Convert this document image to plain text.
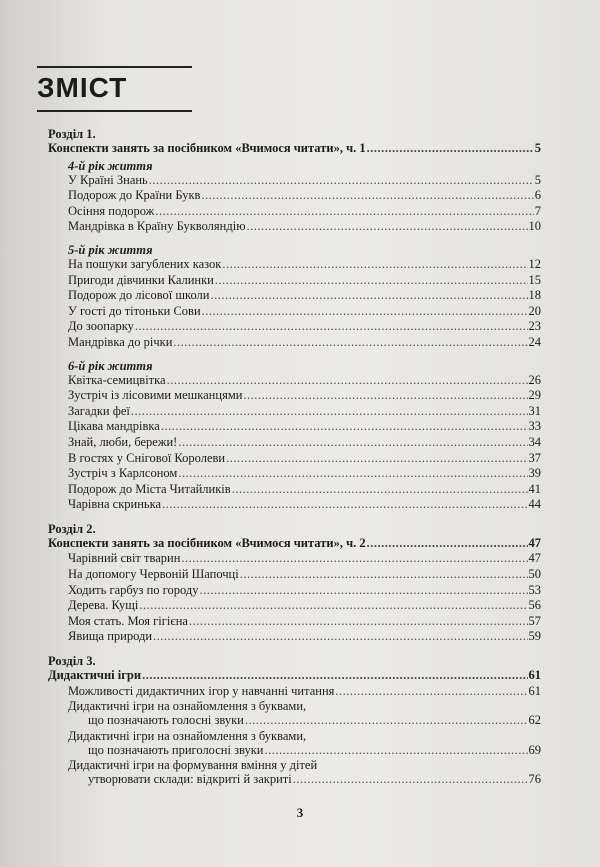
ЗМІСТ
Розділ 1.
Конспекти занять за посібником «Вчимося читати», ч. 1 .....	5
4-й рік життя
У Країні Знань .....	5
Подорож до Країни Букв .....	6
Осіння подорож .....	7
Мандрівка в Країну Букволяндію .....	10
5-й рік життя
На пошуки загублених казок .....	12
Пригоди дівчинки Калинки .....	15
Подорож до лісової школи .....	18
У гості до тітоньки Сови .....	20
До зоопарку .....	23
Мандрівка до річки .....	24
6-й рік життя
Квітка-семицвітка .....	26
Зустріч із лісовими мешканцями .....	29
Загадки феї .....	31
Цікава мандрівка .....	33
Знай, люби, бережи! .....	34
В гостях у Снігової Королеви .....	37
Зустріч з Карлсоном .....	39
Подорож до Міста Читайликів .....	41
Чарівна скринька .....	44
Розділ 2.
Конспекти занять за посібником «Вчимося читати», ч. 2 .....	47
Чарівний світ тварин .....	47
На допомогу Червоній Шапочці .....	50
Ходить гарбуз по городу .....	53
Дерева. Кущі .....	56
Моя стать. Моя гігієна .....	57
Явища природи .....	59
Розділ 3.
Дидактичні ігри .....	61
Можливості дидактичних ігор у навчанні читання .....	61
Дидактичні ігри на ознайомлення з буквами,
що позначають голосні звуки .....	62
Дидактичні ігри на ознайомлення з буквами,
що позначають приголосні звуки .....	69
Дидактичні ігри на формування вміння у дітей
утворювати склади: відкриті й закриті .....	76
3
